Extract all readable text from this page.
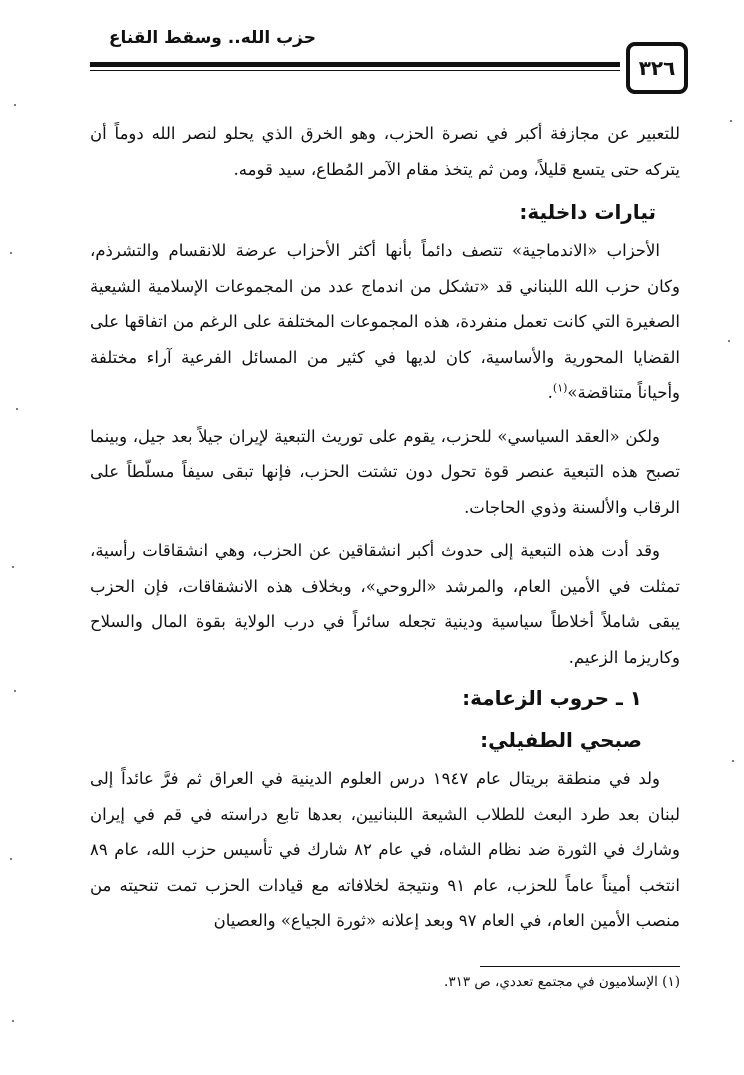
حزب الله.. وسقط القناع
٣٢٦

للتعبير عن مجازفة أكبر في نصرة الحزب، وهو الخرق الذي يحلو لنصر الله دوماً أن يتركه حتى يتسع قليلاً، ومن ثم يتخذ مقام الآمر المُطاع، سيد قومه.

تيارات داخلية:

الأحزاب «الاندماجية» تتصف دائماً بأنها أكثر الأحزاب عرضة للانقسام والتشرذم، وكان حزب الله اللبناني قد «تشكل من اندماج عدد من المجموعات الإسلامية الشيعية الصغيرة التي كانت تعمل منفردة، هذه المجموعات المختلفة على الرغم من اتفاقها على القضايا المحورية والأساسية، كان لديها في كثير من المسائل الفرعية آراء مختلفة وأحياناً متناقضة»$^{(١)}$.

ولكن «العقد السياسي» للحزب، يقوم على توريث التبعية لإيران جيلاً بعد جيل، وبينما تصبح هذه التبعية عنصر قوة تحول دون تشتت الحزب، فإنها تبقى سيفاً مسلّطاً على الرقاب والألسنة وذوي الحاجات.

وقد أدت هذه التبعية إلى حدوث أكبر انشقاقين عن الحزب، وهي انشقاقات رأسية، تمثلت في الأمين العام، والمرشد «الروحي»، وبخلاف هذه الانشقاقات، فإن الحزب يبقى شاملاً أخلاطاً سياسية ودينية تجعله سائراً في درب الولاية بقوة المال والسلاح وكاريزما الزعيم.

١ ـ حروب الزعامة:
صبحي الطفيلي:

ولد في منطقة بريتال عام ١٩٤٧ درس العلوم الدينية في العراق ثم فرَّ عائداً إلى لبنان بعد طرد البعث للطلاب الشيعة اللبنانيين، بعدها تابع دراسته في قم في إيران وشارك في الثورة ضد نظام الشاه، في عام ٨٢ شارك في تأسيس حزب الله، عام ٨٩ انتخب أميناً عاماً للحزب، عام ٩١ ونتيجة لخلافاته مع قيادات الحزب تمت تنحيته من منصب الأمين العام، في العام ٩٧ وبعد إعلانه «ثورة الجياع» والعصيان

(١) الإسلاميون في مجتمع تعددي، ص ٣١٣.
